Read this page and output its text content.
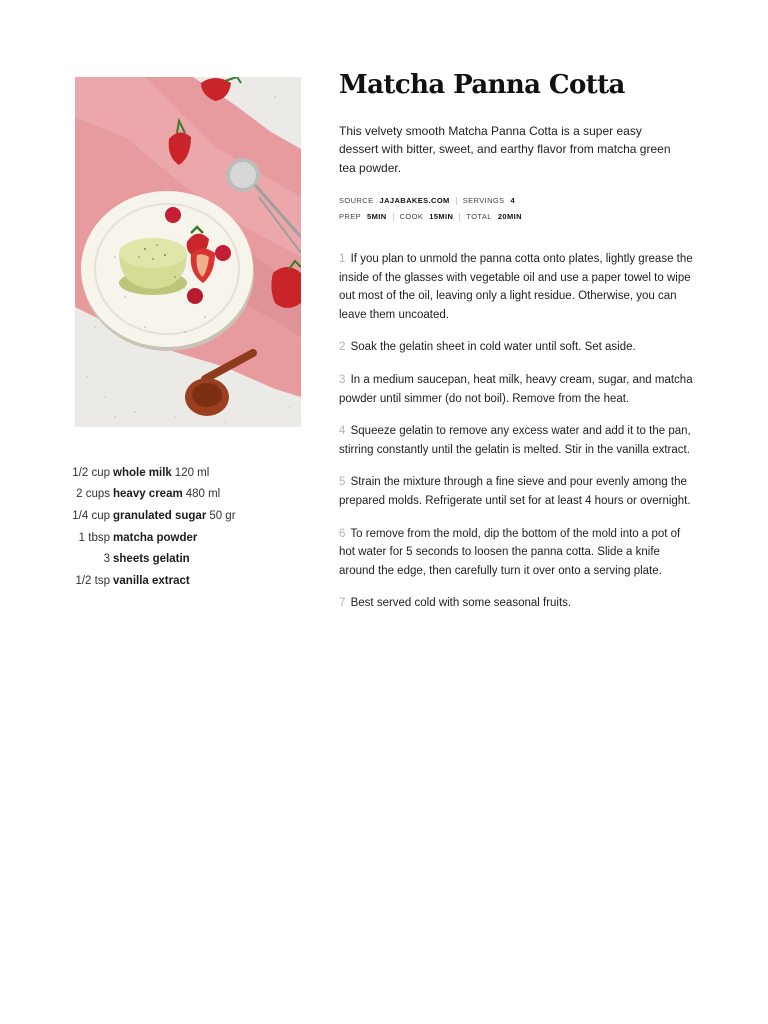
1/2 cup whole milk 120 ml
2 cups heavy cream 480 ml
1/4 cup granulated sugar 50 gr
1 tbsp matcha powder
3 sheets gelatin
1/2 tsp vanilla extract
Matcha Panna Cotta

This velvety smooth Matcha Panna Cotta is a super easy dessert with bitter, sweet, and earthy flavor from matcha green tea powder.

SOURCE JAJABAKES.COM SERVINGS 4
PREP 5MIN COOK 15MIN TOTAL 20MIN
1 If you plan to unmold the panna cotta onto plates, lightly grease the inside of the glasses with vegetable oil and use a paper towel to wipe out most of the oil, leaving only a light residue. Otherwise, you can leave them uncoated.
2 Soak the gelatin sheet in cold water until soft. Set aside.
3 In a medium saucepan, heat milk, heavy cream, sugar, and matcha powder until simmer (do not boil). Remove from the heat.
4 Squeeze gelatin to remove any excess water and add it to the pan, stirring constantly until the gelatin is melted. Stir in the vanilla extract.
5 Strain the mixture through a fine sieve and pour evenly among the prepared molds. Refrigerate until set for at least 4 hours or overnight.
6 To remove from the mold, dip the bottom of the mold into a pot of hot water for 5 seconds to loosen the panna cotta. Slide a knife around the edge, then carefully turn it over onto a serving plate.
7 Best served cold with some seasonal fruits.
